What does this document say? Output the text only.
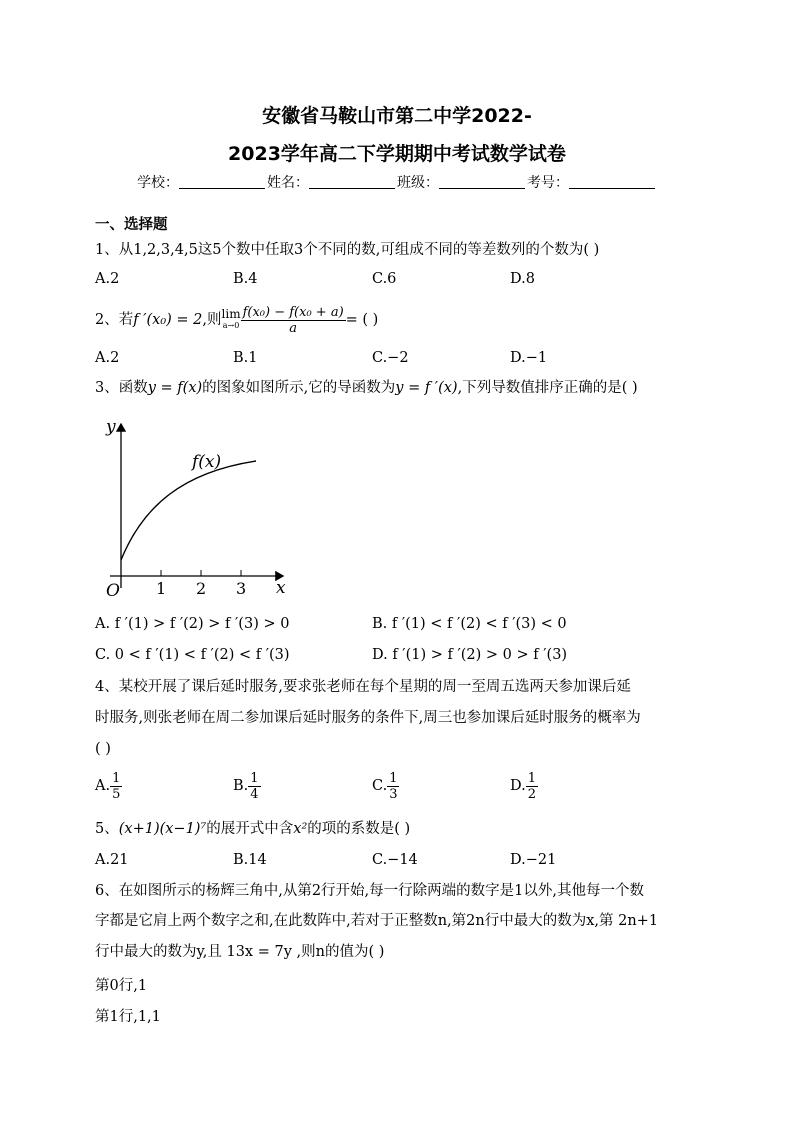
安徽省马鞍山市第二中学2022-
2023学年高二下学期期中考试数学试卷
学校：	姓名：	班级：	考号：
一、选择题
1、从1,2,3,4,5这5个数中任取3个不同的数,可组成不同的等差数列的个数为( )
A.2	B.4	C.6	D.8
2、若f ′(x₀) = 2,则lim
$a\to 0 \frac{\text{f(x₀) − f(x₀ + a)}}{a}$ = ( )
A.2	B.1	C.−2	D.−1
3、函数y = f(x)的图象如图所示,它的导函数为y = f ′(x),下列导数值排序正确的是( )
y
x
O 1 2 3
f(x)
A. f ′(1) > f ′(2) > f ′(3) > 0	B. f ′(1) < f ′(2) < f ′(3) < 0
C. 0 < f ′(1) < f ′(2) < f ′(3)	D. f ′(1) > f ′(2) > 0 > f ′(3)
4、某校开展了课后延时服务,要求张老师在每个星期的周一至周五选两天参加课后延
时服务,则张老师在周二参加课后延时服务的条件下,周三也参加课后延时服务的概率为
( )
A. $\frac{1}{5}$	B. $\frac{1}{4}$	C. $\frac{1}{3}$	D. $\frac{1}{2}$
5、(x+1)(x−1)⁷的展开式中含x²的项的系数是( )
A.21	B.14	C.−14	D.−21
6、在如图所示的杨辉三角中,从第2行开始,每一行除两端的数字是1以外,其他每一个数
字都是它肩上两个数字之和,在此数阵中,若对于正整数n,第2n行中最大的数为x,第 2n+1
行中最大的数为y,且 13x = 7y ,则n的值为( )
第0行,1
第1行,1,1
